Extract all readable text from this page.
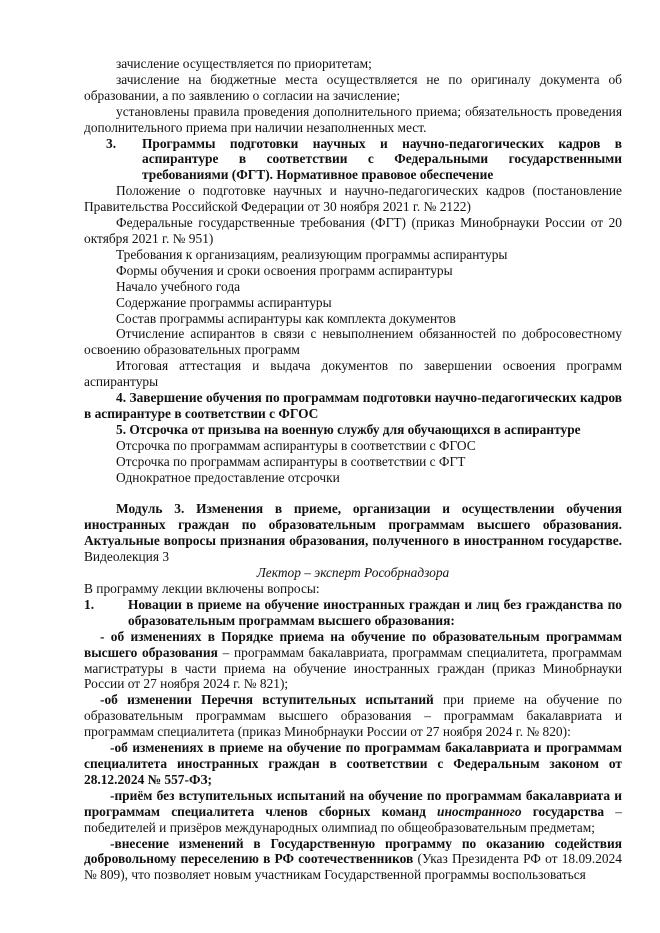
зачисление осуществляется по приоритетам;

зачисление на бюджетные места осуществляется не по оригиналу документа об образовании, а по заявлению о согласии на зачисление;

установлены правила проведения дополнительного приема; обязательность проведения дополнительного приема при наличии незаполненных мест.

3.	Программы подготовки научных и научно-педагогических кадров в аспирантуре в соответствии с Федеральными государственными требованиями (ФГТ). Нормативное правовое обеспечение

Положение о подготовке научных и научно-педагогических кадров (постановление Правительства Российской Федерации от 30 ноября 2021 г. № 2122)

Федеральные государственные требования (ФГТ) (приказ Минобрнауки России от 20 октября 2021 г. № 951)

Требования к организациям, реализующим программы аспирантуры

Формы обучения и сроки освоения программ аспирантуры

Начало учебного года

Содержание программы аспирантуры

Состав программы аспирантуры как комплекта документов

Отчисление аспирантов в связи с невыполнением обязанностей по добросовестному освоению образовательных программ

Итоговая аттестация и выдача документов по завершении освоения программ аспирантуры

4. Завершение обучения по программам подготовки научно-педагогических кадров в аспирантуре в соответствии с ФГОС

5. Отсрочка от призыва на военную службу для обучающихся в аспирантуре

Отсрочка по программам аспирантуры в соответствии с ФГОС

Отсрочка по программам аспирантуры в соответствии с ФГТ

Однократное предоставление отсрочки

Модуль 3. Изменения в приеме, организации и осуществлении обучения иностранных граждан по образовательным программам высшего образования. Актуальные вопросы признания образования, полученного в иностранном государстве. Видеолекция 3

Лектор – эксперт Рособрнадзора

В программу лекции включены вопросы:

1.	Новации в приеме на обучение иностранных граждан и лиц без гражданства по образовательным программам высшего образования:

- об изменениях в Порядке приема на обучение по образовательным программам высшего образования – программам бакалавриата, программам специалитета, программам магистратуры в части приема на обучение иностранных граждан (приказ Минобрнауки России от 27 ноября 2024 г. № 821);

-об изменении Перечня вступительных испытаний при приеме на обучение по образовательным программам высшего образования – программам бакалавриата и программам специалитета (приказ Минобрнауки России от 27 ноября 2024 г. № 820):

-об изменениях в приеме на обучение по программам бакалавриата и программам специалитета иностранных граждан в соответствии с Федеральным законом от 28.12.2024 № 557-ФЗ;

-приём без вступительных испытаний на обучение по программам бакалавриата и программам специалитета членов сборных команд иностранного государства – победителей и призёров международных олимпиад по общеобразовательным предметам;

-внесение изменений в Государственную программу по оказанию содействия добровольному переселению в РФ соотечественников (Указ Президента РФ от 18.09.2024 № 809), что позволяет новым участникам Государственной программы воспользоваться
